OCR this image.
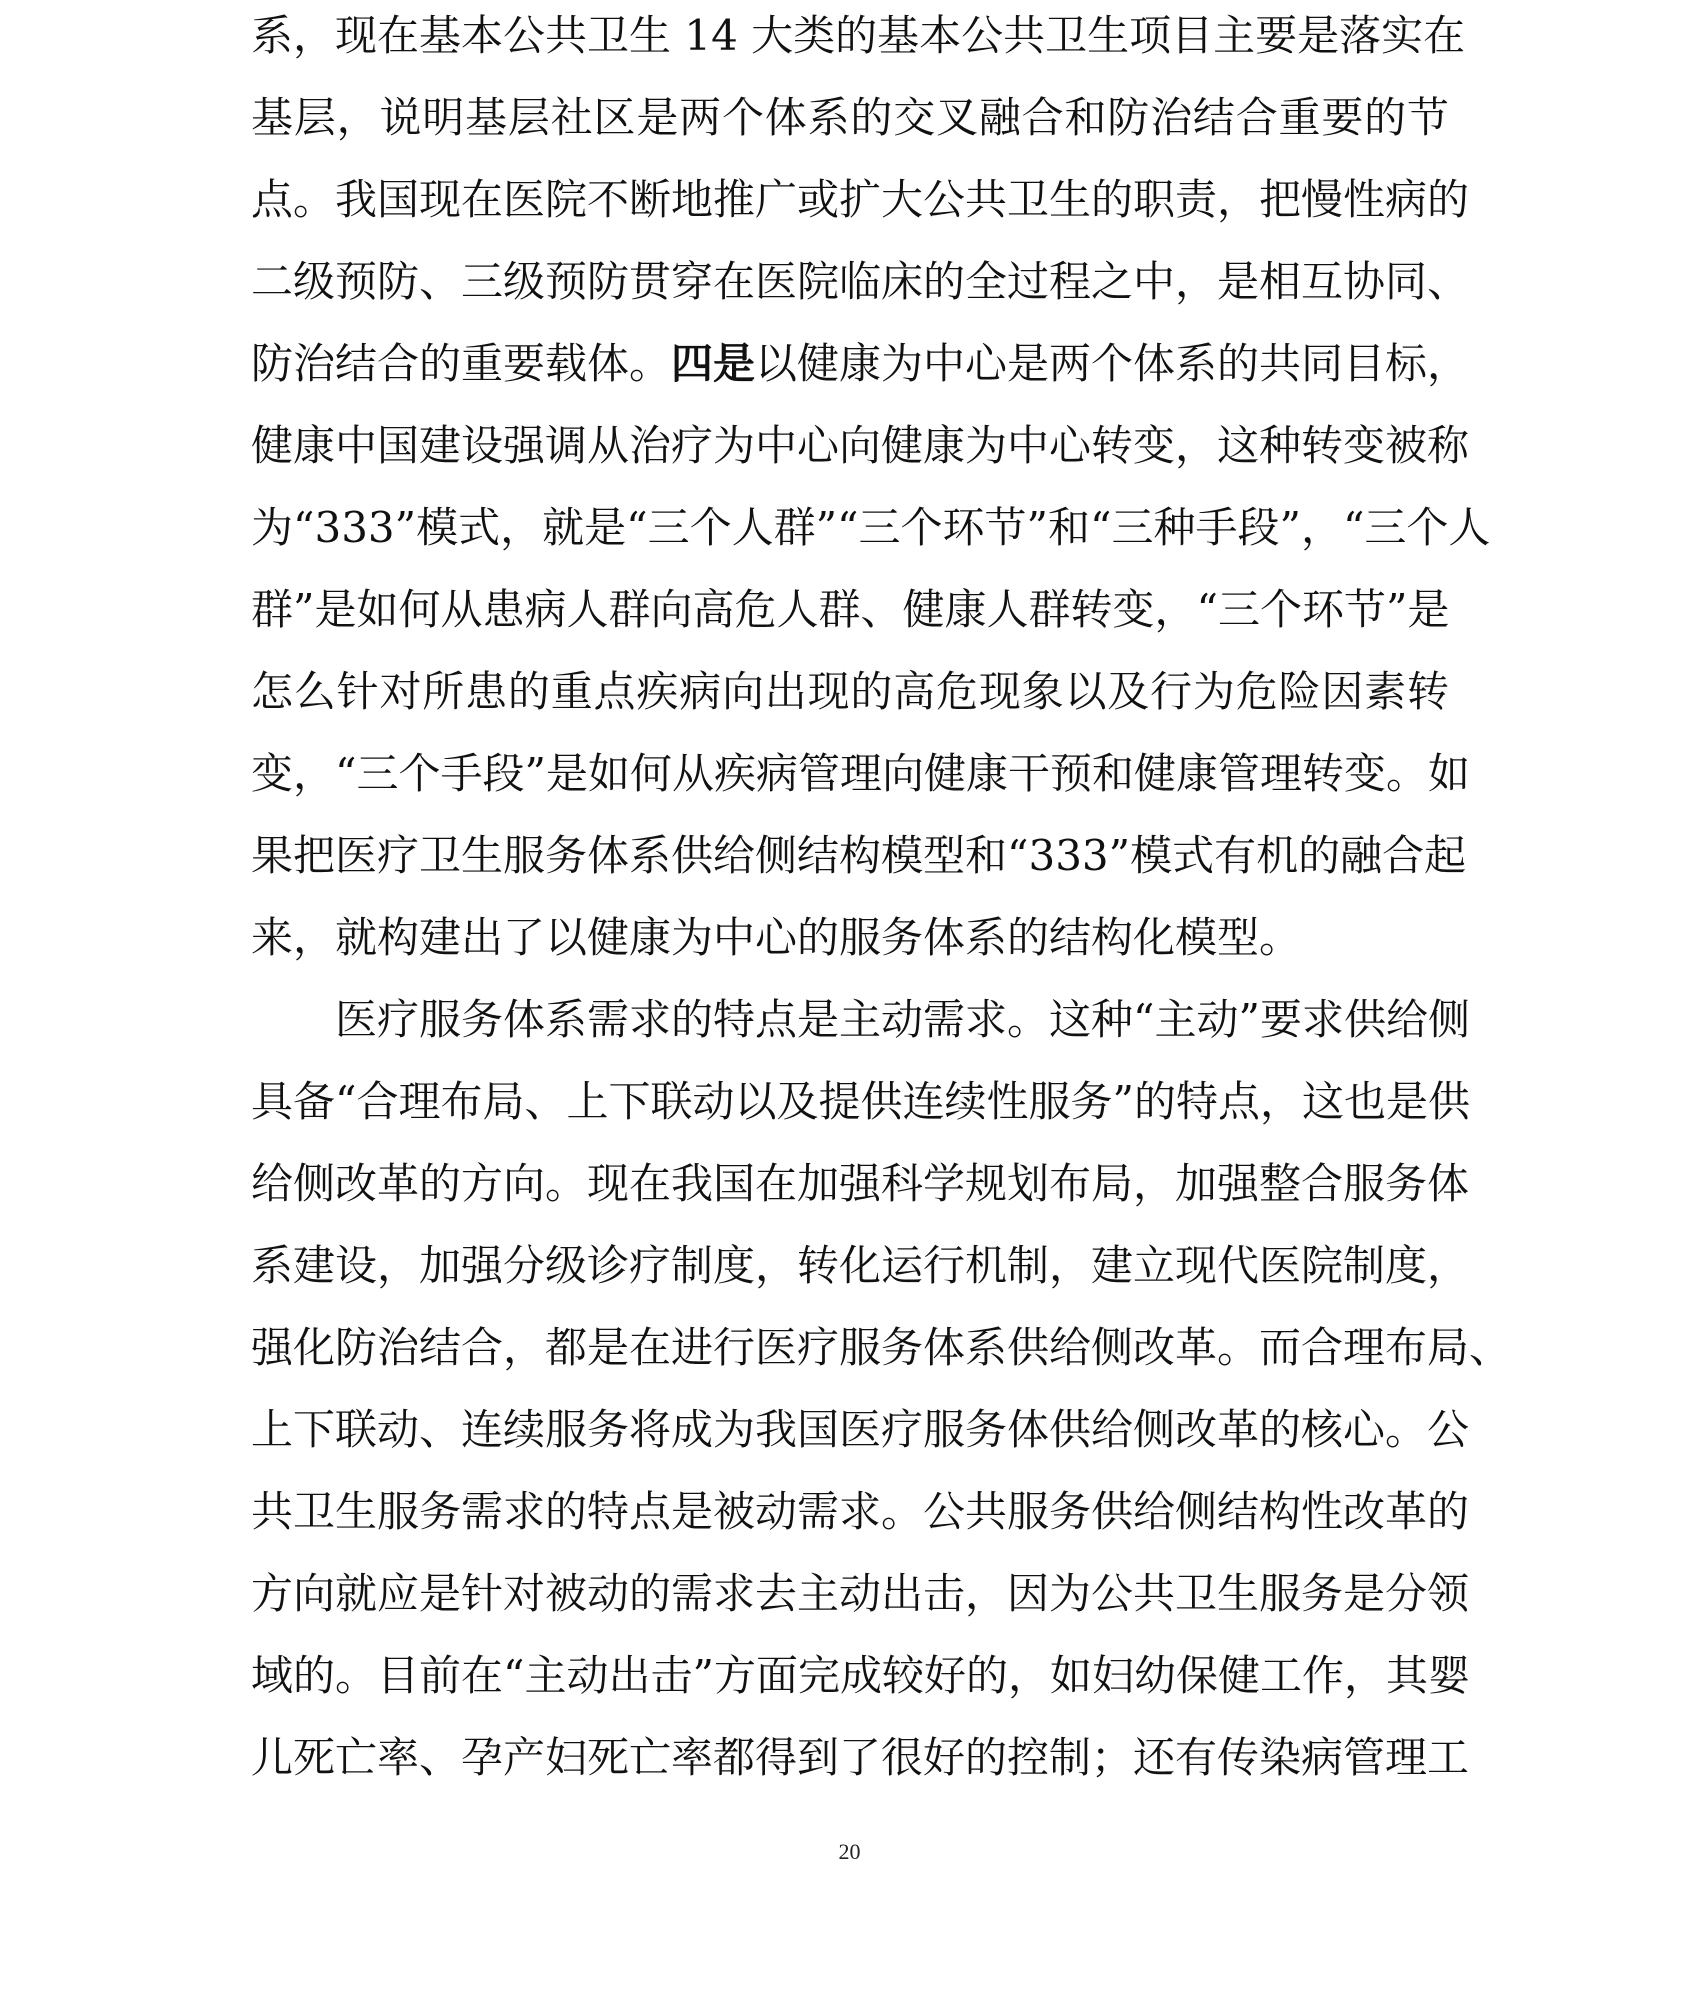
系，现在基本公共卫生 14 大类的基本公共卫生项目主要是落实在
基层，说明基层社区是两个体系的交叉融合和防治结合重要的节
点。我国现在医院不断地推广或扩大公共卫生的职责，把慢性病的
二级预防、三级预防贯穿在医院临床的全过程之中，是相互协同、
防治结合的重要载体。四是以健康为中心是两个体系的共同目标，
健康中国建设强调从治疗为中心向健康为中心转变，这种转变被称
为“333”模式，就是“三个人群”“三个环节”和“三种手段”，“三个人
群”是如何从患病人群向高危人群、健康人群转变，“三个环节”是
怎么针对所患的重点疾病向出现的高危现象以及行为危险因素转
变，“三个手段”是如何从疾病管理向健康干预和健康管理转变。如
果把医疗卫生服务体系供给侧结构模型和“333”模式有机的融合起
来，就构建出了以健康为中心的服务体系的结构化模型。
医疗服务体系需求的特点是主动需求。这种“主动”要求供给侧
具备“合理布局、上下联动以及提供连续性服务”的特点，这也是供
给侧改革的方向。现在我国在加强科学规划布局，加强整合服务体
系建设，加强分级诊疗制度，转化运行机制，建立现代医院制度，
强化防治结合，都是在进行医疗服务体系供给侧改革。而合理布局、
上下联动、连续服务将成为我国医疗服务体供给侧改革的核心。公
共卫生服务需求的特点是被动需求。公共服务供给侧结构性改革的
方向就应是针对被动的需求去主动出击，因为公共卫生服务是分领
域的。目前在“主动出击”方面完成较好的，如妇幼保健工作，其婴
儿死亡率、孕产妇死亡率都得到了很好的控制；还有传染病管理工
20
